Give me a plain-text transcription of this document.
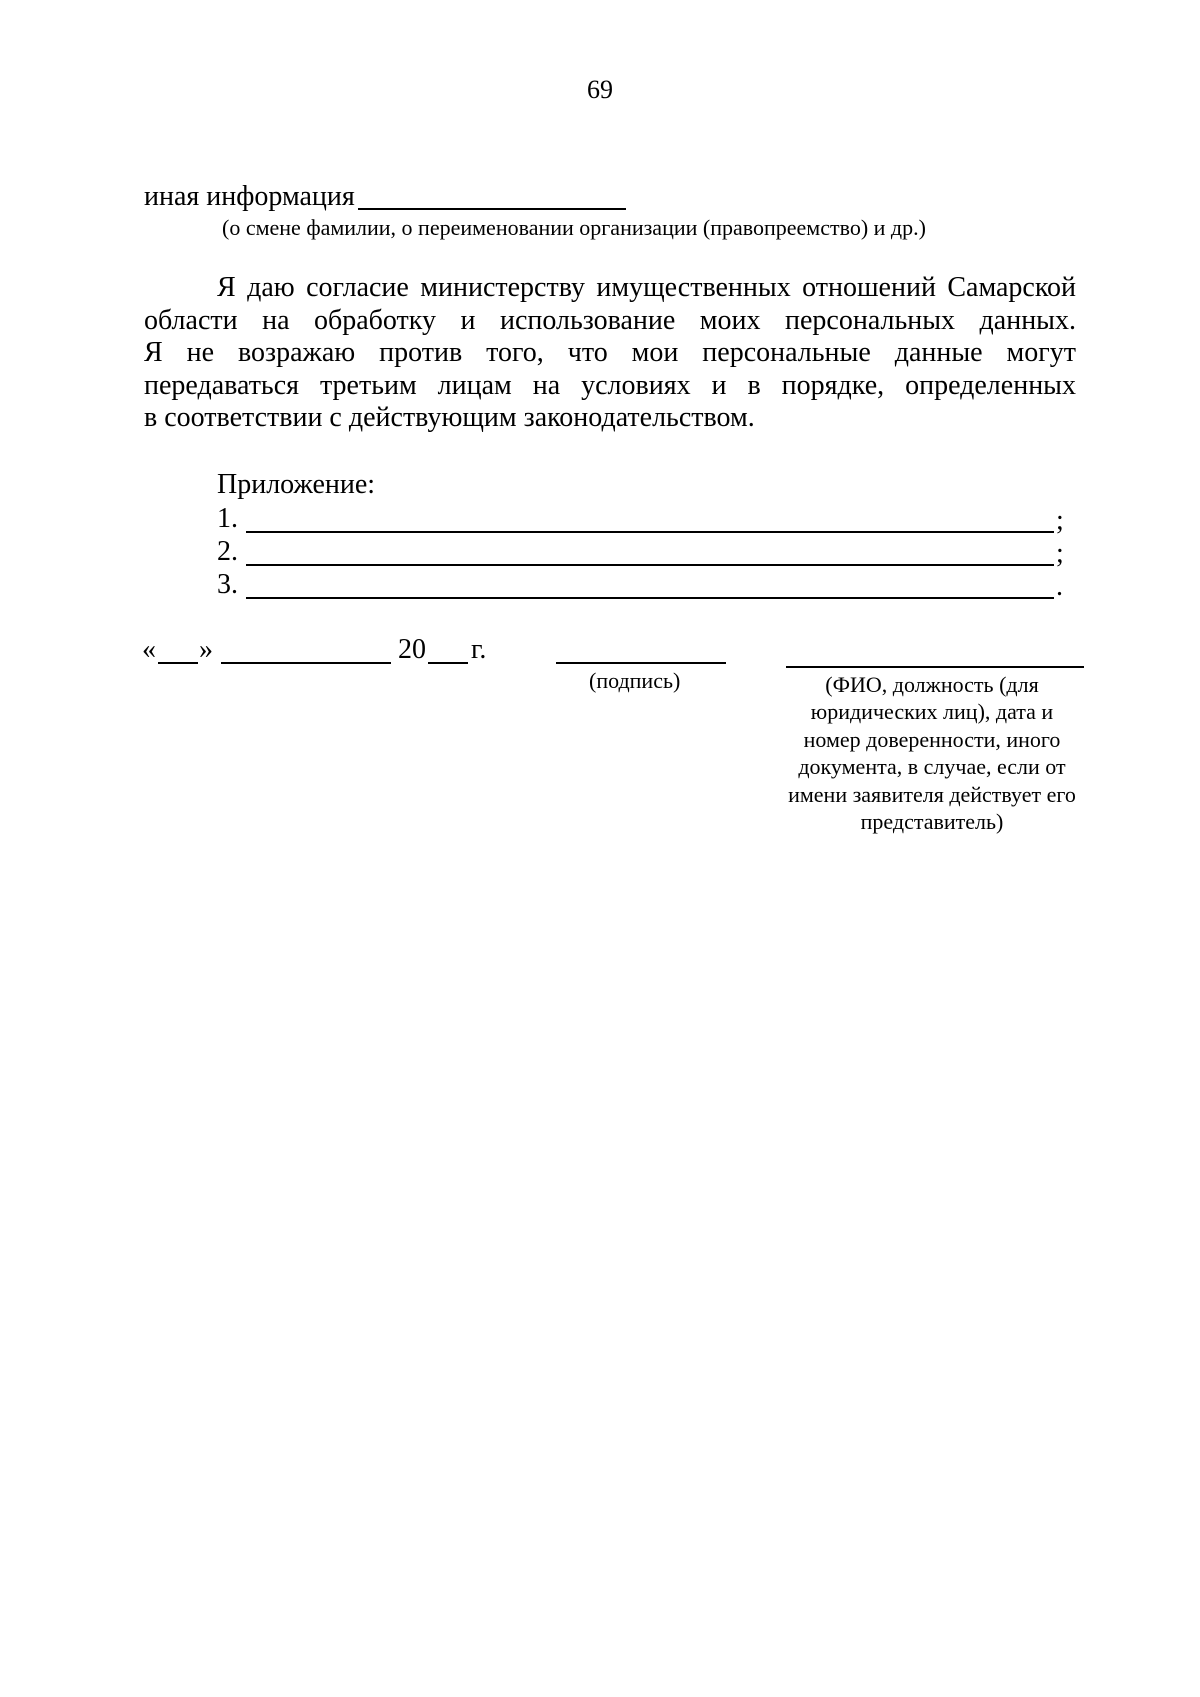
69
иная информация
(о смене фамилии, о переименовании организации (правопреемство) и др.)
Я даю согласие министерству имущественных отношений Самарской
области на обработку и использование моих персональных данных.
Я не возражаю против того, что мои персональные данные могут
передаваться третьим лицам на условиях и в порядке, определенных
в соответствии с действующим законодательством.
Приложение:
1.	;
2.	;
3.	.
« »	20 г.
(подпись)	(ФИО, должность (для юридических лиц), дата и номер доверенности, иного документа, в случае, если от имени заявителя действует его представитель)
